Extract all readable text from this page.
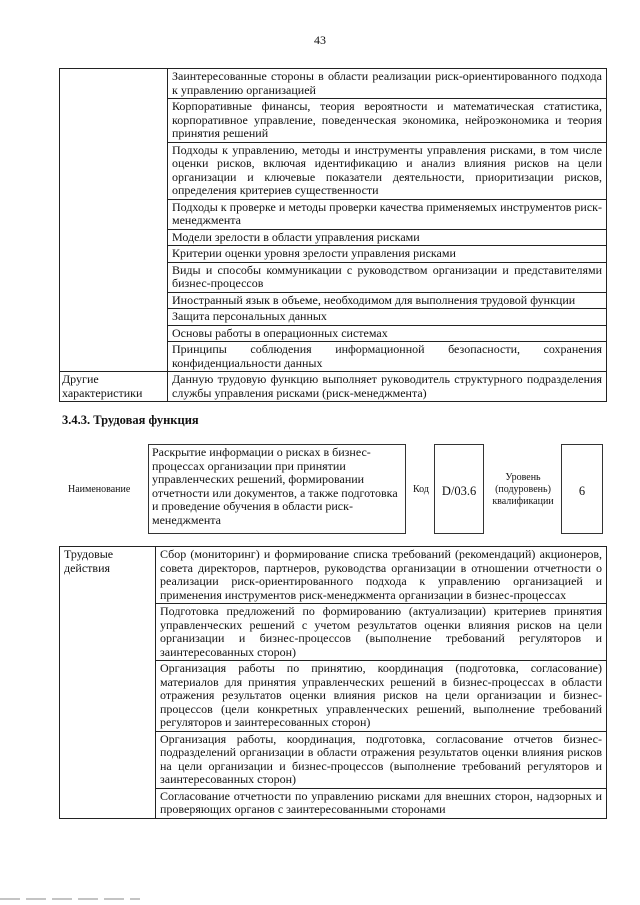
43
	Заинтересованные стороны в области реализации риск-ориентированного подхода к управлению организацией
	Корпоративные финансы, теория вероятности и математическая статистика, корпоративное управление, поведенческая экономика, нейроэкономика и теория принятия решений
	Подходы к управлению, методы и инструменты управления рисками, в том числе оценки рисков, включая идентификацию и анализ влияния рисков на цели организации и ключевые показатели деятельности, приоритизации рисков, определения критериев существенности
	Подходы к проверке и методы проверки качества применяемых инструментов риск-менеджмента
	Модели зрелости в области управления рисками
	Критерии оценки уровня зрелости управления рисками
	Виды и способы коммуникации с руководством организации и представителями бизнес-процессов
	Иностранный язык в объеме, необходимом для выполнения трудовой функции
	Защита персональных данных
	Основы работы в операционных системах
	Принципы соблюдения информационной безопасности, сохранения конфиденциальности данных
Другие характеристики	Данную трудовую функцию выполняет руководитель структурного подразделения службы управления рисками (риск-менеджмента)
3.4.3. Трудовая функция
Наименование
Раскрытие информации о рисках в бизнес-процессах организации при принятии управленческих решений, формировании отчетности или документов, а также подготовка и проведение обучения в области риск-менеджмента
Код	D/03.6
Уровень (подуровень) квалификации
6
Трудовые действия	Сбор (мониторинг) и формирование списка требований (рекомендаций) акционеров, совета директоров, партнеров, руководства организации в отношении отчетности о реализации риск-ориентированного подхода к управлению организацией и применения инструментов риск-менеджмента организации в бизнес-процессах
	Подготовка предложений по формированию (актуализации) критериев принятия управленческих решений с учетом результатов оценки влияния рисков на цели организации и бизнес-процессов (выполнение требований регуляторов и заинтересованных сторон)
	Организация работы по принятию, координация (подготовка, согласование) материалов для принятия управленческих решений в бизнес-процессах в области отражения результатов оценки влияния рисков на цели организации и бизнес-процессов (цели конкретных управленческих решений, выполнение требований регуляторов и заинтересованных сторон)
	Организация работы, координация, подготовка, согласование отчетов бизнес-подразделений организации в области отражения результатов оценки влияния рисков на цели организации и бизнес-процессов (выполнение требований регуляторов и заинтересованных сторон)
	Согласование отчетности по управлению рисками для внешних сторон, надзорных и проверяющих органов с заинтересованными сторонами
